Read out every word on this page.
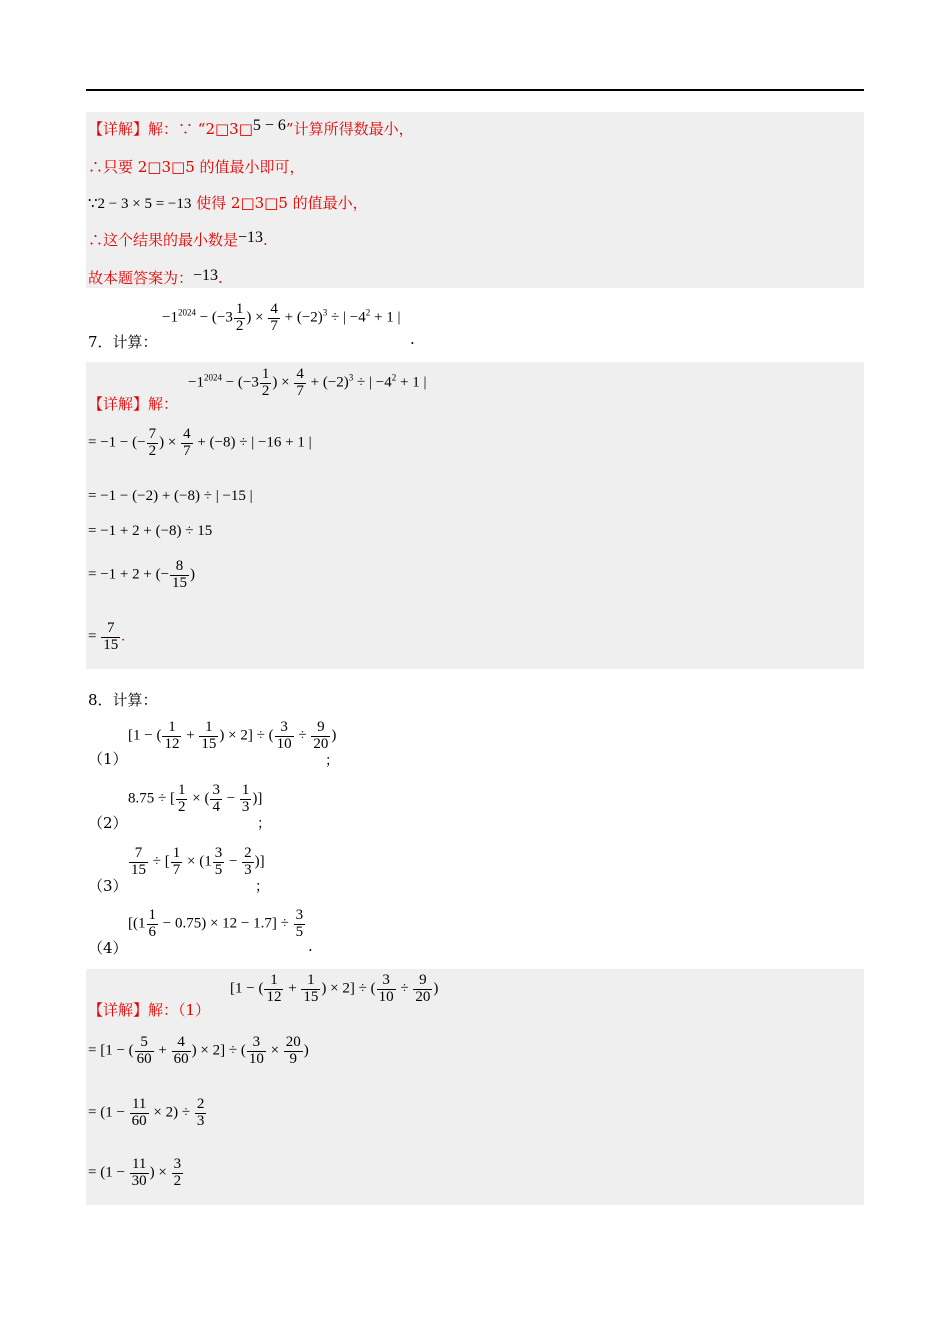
【详解】解：∵ “2□3□5 − 6”计算所得数最小，
∴只要 2□3□5 的值最小即可，
∵2 − 3 × 5 = −13 使得 2□3□5 的值最小，
∴这个结果的最小数是−13.
故本题答案为：−13.
7．计算：
$-1^{2024} - (-3 \frac{1}{2}$ ) × $\frac{4}{7} + (-2)^3$ ÷ | $-4^2 + 1$ |
.
【详解】解：
$-1^{2024} - (-3 \frac{1}{2}$ ) × $\frac{4}{7} + (-2)^3$ ÷ | $-4^2 + 1$ |
= −1 − (− $\frac{7}{2}$ ) × $\frac{4}{7} + (-8)$ ÷ | −16 + 1 |
= −1 − (−2) + (−8) ÷ | −15 |
= −1 + 2 + (−8) ÷ 15
= −1 + 2 + (− $\frac{8}{15}$ )
= $\frac{7}{15}$ .
8．计算：
（1）
[1 − ( $\frac{1}{12} + \frac{1}{15}$ ) × 2] ÷ ( $\frac{3}{10} \div \frac{9}{20}$ )
；
（2）
8.75 ÷ [ $\frac{1}{2}$ × ( $\frac{3}{4} - \frac{1}{3}$ )]
；
（3）
$\frac{7}{15}$ ÷ [ $\frac{1}{7} \times (1 \frac{3}{5} - \frac{2}{3}$ )]
；
（4）
$[(1 \frac{1}{6} - 0.75) \times 12 - 1.7] \div \frac{3}{5}$
.
【详解】解：（1）
[1 − ( $\frac{1}{12} + \frac{1}{15}$ ) × 2] ÷ ( $\frac{3}{10} \div \frac{9}{20}$ )
= [1 − ( $\frac{5}{60} + \frac{4}{60}$ ) × 2] ÷ ( $\frac{3}{10} \times \frac{20}{9}$ )
= $(1 - \frac{11}{60} \times 2) \div \frac{2}{3}$
= ($1 - \frac{11}{30}$ ) × $\frac{3}{2}$
